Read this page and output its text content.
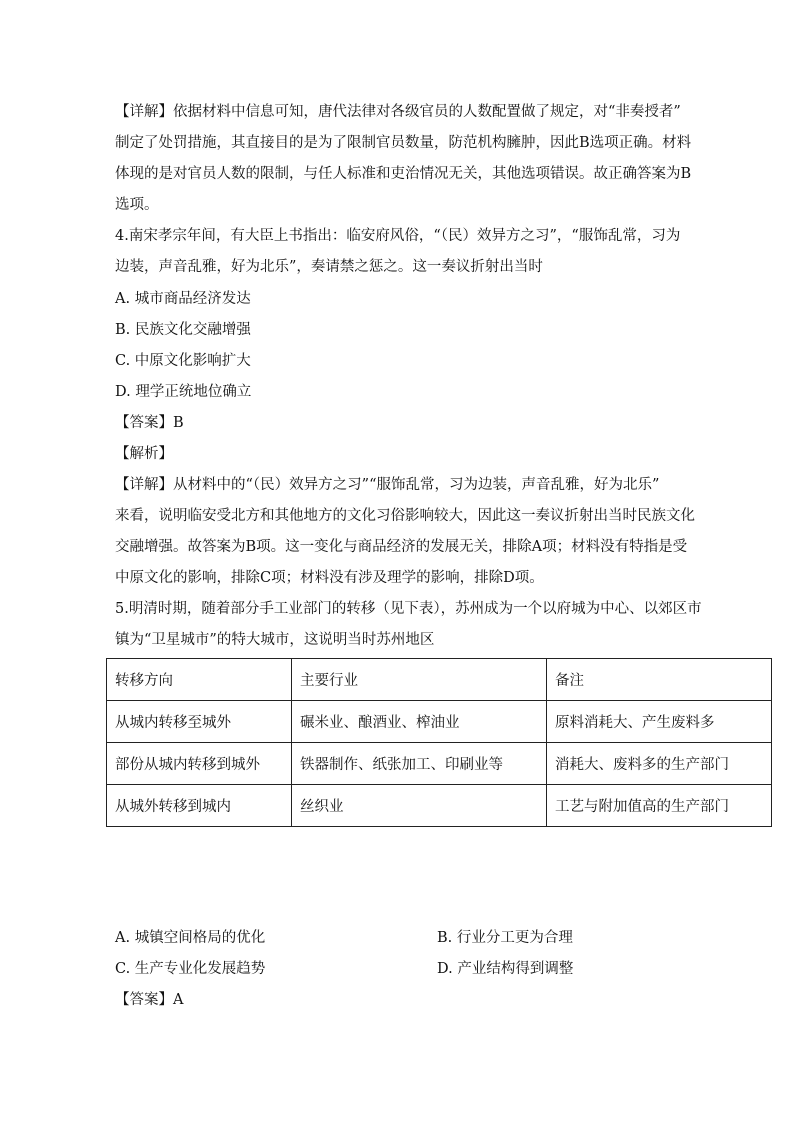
【详解】依据材料中信息可知，唐代法律对各级官员的人数配置做了规定，对“非奏授者”
制定了处罚措施，其直接目的是为了限制官员数量，防范机构臃肿，因此B选项正确。材料
体现的是对官员人数的限制，与任人标准和吏治情况无关，其他选项错误。故正确答案为B
选项。
4.南宋孝宗年间，有大臣上书指出：临安府风俗，“（民）效异方之习”，“服饰乱常，习为
边装，声音乱雅，好为北乐”，奏请禁之惩之。这一奏议折射出当时
A. 城市商品经济发达
B. 民族文化交融增强
C. 中原文化影响扩大
D. 理学正统地位确立
【答案】B
【解析】
【详解】从材料中的“（民）效异方之习”“服饰乱常，习为边装，声音乱雅，好为北乐”
来看，说明临安受北方和其他地方的文化习俗影响较大，因此这一奏议折射出当时民族文化
交融增强。故答案为B项。这一变化与商品经济的发展无关，排除A项；材料没有特指是受
中原文化的影响，排除C项；材料没有涉及理学的影响，排除D项。
5.明清时期，随着部分手工业部门的转移（见下表），苏州成为一个以府城为中心、以郊区市
镇为“卫星城市”的特大城市，这说明当时苏州地区
转移方向	主要行业	备注
从城内转移至城外	碾米业、酿酒业、榨油业	原料消耗大、产生废料多
部份从城内转移到城外	铁器制作、纸张加工、印刷业等	消耗大、废料多的生产部门
从城外转移到城内	丝织业	工艺与附加值高的生产部门
A. 城镇空间格局的优化	B. 行业分工更为合理
C. 生产专业化发展趋势	D. 产业结构得到调整
【答案】A
